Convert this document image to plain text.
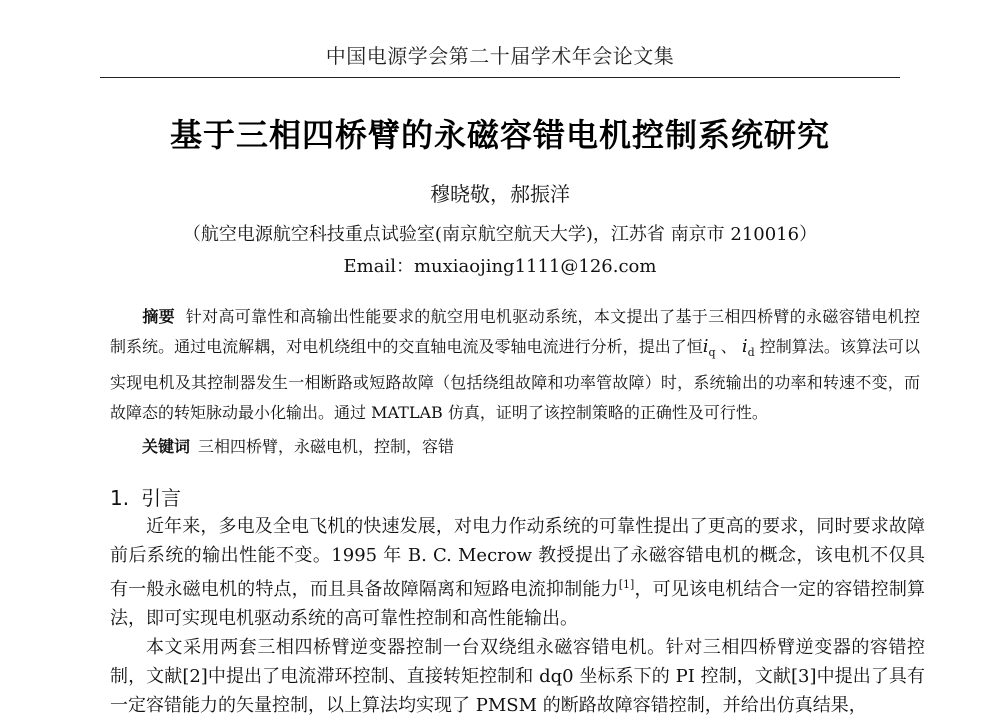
中国电源学会第二十届学术年会论文集
基于三相四桥臂的永磁容错电机控制系统研究
穆晓敬，郝振洋
（航空电源航空科技重点试验室(南京航空航天大学)，江苏省 南京市 210016）
Email：muxiaojing1111@126.com
摘要 针对高可靠性和高输出性能要求的航空用电机驱动系统，本文提出了基于三相四桥臂的永磁容错电机控制系统。通过电流解耦，对电机绕组中的交直轴电流及零轴电流进行分析，提出了恒$i_q$ 、 $i_d$ 控制算法。该算法可以实现电机及其控制器发生一相断路或短路故障（包括绕组故障和功率管故障）时，系统输出的功率和转速不变，而故障态的转矩脉动最小化输出。通过 MATLAB 仿真，证明了该控制策略的正确性及可行性。
关键词 三相四桥臂，永磁电机，控制，容错
1. 引言

近年来，多电及全电飞机的快速发展，对电力作动系统的可靠性提出了更高的要求，同时要求故障前后系统的输出性能不变。1995 年 B. C. Mecrow 教授提出了永磁容错电机的概念，该电机不仅具有一般永磁电机的特点，而且具备故障隔离和短路电流抑制能力[1]，可见该电机结合一定的容错控制算法，即可实现电机驱动系统的高可靠性控制和高性能输出。

本文采用两套三相四桥臂逆变器控制一台双绕组永磁容错电机。针对三相四桥臂逆变器的容错控制，文献[2]中提出了电流滞环控制、直接转矩控制和 dq0 坐标系下的 PI 控制，文献[3]中提出了具有一定容错能力的矢量控制，以上算法均实现了 PMSM 的断路故障容错控制，并给出仿真结果，
